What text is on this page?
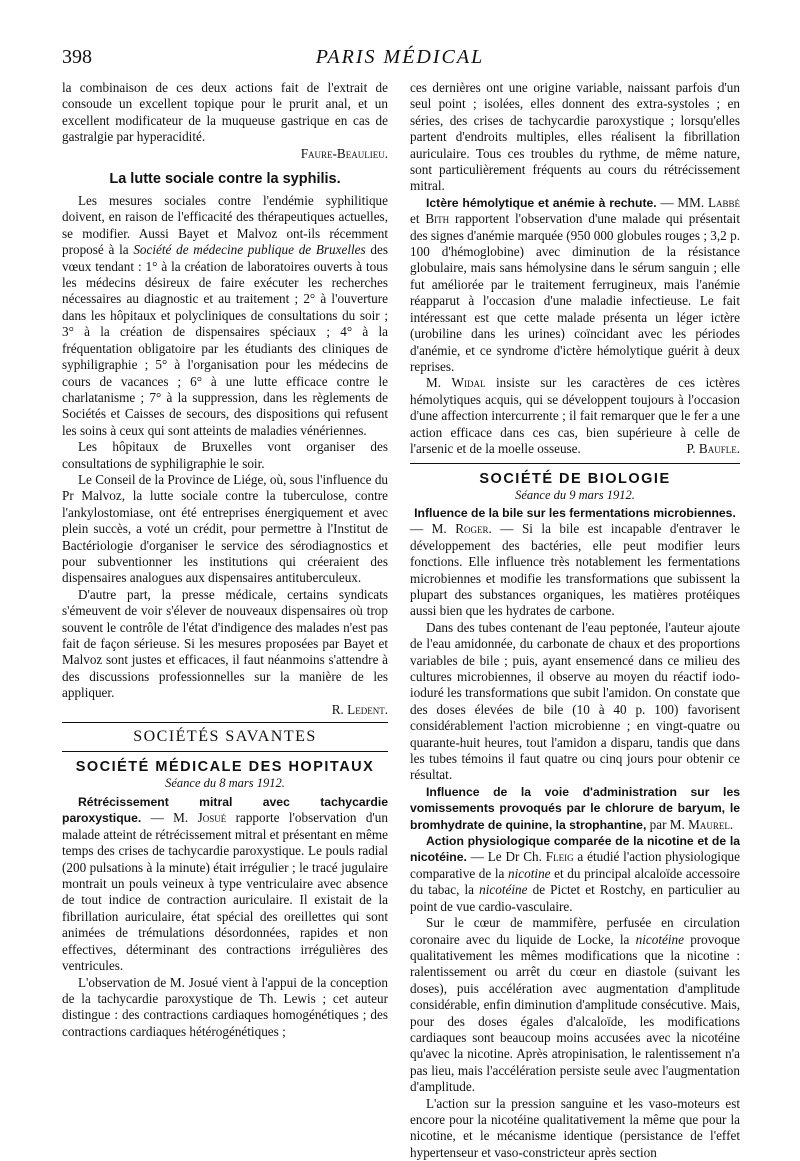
398	PARIS MÉDICAL

la combinaison de ces deux actions fait de l'extrait de consoude un excellent topique pour le prurit anal, et un excellent modificateur de la muqueuse gastrique en cas de gastralgie par hyperacidité.

Faure-Beaulieu.
La lutte sociale contre la syphilis.

Les mesures sociales contre l'endémie syphilitique doivent, en raison de l'efficacité des thérapeutiques actuelles, se modifier. Aussi Bayet et Malvoz ont-ils récemment proposé à la Société de médecine publique de Bruxelles des vœux tendant : 1° à la création de laboratoires ouverts à tous les médecins désireux de faire exécuter les recherches nécessaires au diagnostic et au traitement ; 2° à l'ouverture dans les hôpitaux et polycliniques de consultations du soir ; 3° à la création de dispensaires spéciaux ; 4° à la fréquentation obligatoire par les étudiants des cliniques de syphiligraphie ; 5° à l'organisation pour les médecins de cours de vacances ; 6° à une lutte efficace contre le charlatanisme ; 7° à la suppression, dans les règlements de Sociétés et Caisses de secours, des dispositions qui refusent les soins à ceux qui sont atteints de maladies vénériennes.

Les hôpitaux de Bruxelles vont organiser des consultations de syphiligraphie le soir.

Le Conseil de la Province de Liége, où, sous l'influence du Pr Malvoz, la lutte sociale contre la tuberculose, contre l'ankylostomiase, ont été entreprises énergiquement et avec plein succès, a voté un crédit, pour permettre à l'Institut de Bactériologie d'organiser le service des sérodiagnostics et pour subventionner les institutions qui créeraient des dispensaires analogues aux dispensaires antituberculeux.

D'autre part, la presse médicale, certains syndicats s'émeuvent de voir s'élever de nouveaux dispensaires où trop souvent le contrôle de l'état d'indigence des malades n'est pas fait de façon sérieuse. Si les mesures proposées par Bayet et Malvoz sont justes et efficaces, il faut néanmoins s'attendre à des discussions professionnelles sur la manière de les appliquer.

R. Ledent.
SOCIÉTÉS SAVANTES
SOCIÉTÉ MÉDICALE DES HOPITAUX
Séance du 8 mars 1912.

Rétrécissement mitral avec tachycardie paroxystique. — M. Josué rapporte l'observation d'un malade atteint de rétrécissement mitral et présentant en même temps des crises de tachycardie paroxystique. Le pouls radial (200 pulsations à la minute) était irrégulier ; le tracé jugulaire montrait un pouls veineux à type ventriculaire avec absence de tout indice de contraction auriculaire. Il existait de la fibrillation auriculaire, état spécial des oreillettes qui sont animées de trémulations désordonnées, rapides et non effectives, déterminant des contractions irrégulières des ventricules.

L'observation de M. Josué vient à l'appui de la conception de la tachycardie paroxystique de Th. Lewis ; cet auteur distingue : des contractions cardiaques homogénétiques ; des contractions cardiaques hétérogénétiques ;

ces dernières ont une origine variable, naissant parfois d'un seul point ; isolées, elles donnent des extra-systoles ; en séries, des crises de tachycardie paroxystique ; lorsqu'elles partent d'endroits multiples, elles réalisent la fibrillation auriculaire. Tous ces troubles du rythme, de même nature, sont particulièrement fréquents au cours du rétrécissement mitral.

Ictère hémolytique et anémie à rechute. — MM. Labbé et Bith rapportent l'observation d'une malade qui présentait des signes d'anémie marquée (950 000 globules rouges ; 3,2 p. 100 d'hémoglobine) avec diminution de la résistance globulaire, mais sans hémolysine dans le sérum sanguin ; elle fut améliorée par le traitement ferrugineux, mais l'anémie réapparut à l'occasion d'une maladie infectieuse. Le fait intéressant est que cette malade présenta un léger ictère (urobiline dans les urines) coïncidant avec les périodes d'anémie, et ce syndrome d'ictère hémolytique guérit à deux reprises.

M. Widal insiste sur les caractères de ces ictères hémolytiques acquis, qui se développent toujours à l'occasion d'une affection intercurrente ; il fait remarquer que le fer a une action efficace dans ces cas, bien supérieure à celle de l'arsenic et de la moelle osseuse.	P. Baufle.

SOCIÉTÉ DE BIOLOGIE
Séance du 9 mars 1912.
Influence de la bile sur les fermentations microbiennes.

— M. Roger. — Si la bile est incapable d'entraver le développement des bactéries, elle peut modifier leurs fonctions. Elle influence très notablement les fermentations microbiennes et modifie les transformations que subissent la plupart des substances organiques, les matières protéiques aussi bien que les hydrates de carbone.

Dans des tubes contenant de l'eau peptonée, l'auteur ajoute de l'eau amidonnée, du carbonate de chaux et des proportions variables de bile ; puis, ayant ensemencé dans ce milieu des cultures microbiennes, il observe au moyen du réactif iodo-ioduré les transformations que subit l'amidon. On constate que des doses élevées de bile (10 à 40 p. 100) favorisent considérablement l'action microbienne ; en vingt-quatre ou quarante-huit heures, tout l'amidon a disparu, tandis que dans les tubes témoins il faut quatre ou cinq jours pour obtenir ce résultat.

Influence de la voie d'administration sur les vomissements provoqués par le chlorure de baryum, le bromhydrate de quinine, la strophantine, par M. Maurel.

Action physiologique comparée de la nicotine et de la nicotéine. — Le Dr Ch. Fleig a étudié l'action physiologique comparative de la nicotine et du principal alcaloïde accessoire du tabac, la nicotéine de Pictet et Rostchy, en particulier au point de vue cardio-vasculaire.

Sur le cœur de mammifère, perfusée en circulation coronaire avec du liquide de Locke, la nicotéine provoque qualitativement les mêmes modifications que la nicotine : ralentissement ou arrêt du cœur en diastole (suivant les doses), puis accélération avec augmentation d'amplitude considérable, enfin diminution d'amplitude consécutive. Mais, pour des doses égales d'alcaloïde, les modifications cardiaques sont beaucoup moins accusées avec la nicotéine qu'avec la nicotine. Après atropinisation, le ralentissement n'a pas lieu, mais l'accélération persiste seule avec l'augmentation d'amplitude.

L'action sur la pression sanguine et les vaso-moteurs est encore pour la nicotéine qualitativement la même que pour la nicotine, et le mécanisme identique (persistance de l'effet hypertenseur et vaso-constricteur après section
